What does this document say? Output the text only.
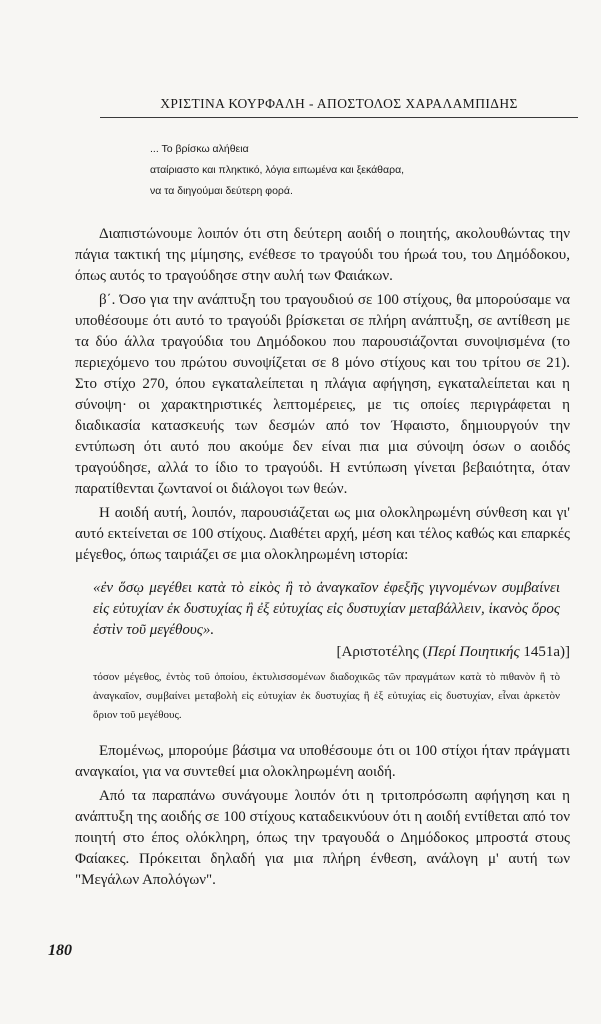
ΧΡΙΣΤΙΝΑ ΚΟΥΡΦΑΛΗ - ΑΠΟΣΤΟΛΟΣ ΧΑΡΑΛΑΜΠΙΔΗΣ
... Το βρίσκω αλήθεια
αταίριαστο και πληκτικό, λόγια ειπωμένα και ξεκάθαρα,
να τα διηγούμαι δεύτερη φορά.

Διαπιστώνουμε λοιπόν ότι στη δεύτερη αοιδή ο ποιητής, ακολουθώντας την πάγια τακτική της μίμησης, ενέθεσε το τραγούδι του ήρωά του, του Δημόδοκου, όπως αυτός το τραγούδησε στην αυλή των Φαιάκων.

β΄. Όσο για την ανάπτυξη του τραγουδιού σε 100 στίχους, θα μπορούσαμε να υποθέσουμε ότι αυτό το τραγούδι βρίσκεται σε πλήρη ανάπτυξη, σε αντίθεση με τα δύο άλλα τραγούδια του Δημόδοκου που παρουσιάζονται συνοψισμένα (το περιεχόμενο του πρώτου συνοψίζεται σε 8 μόνο στίχους και του τρίτου σε 21). Στο στίχο 270, όπου εγκαταλείπεται η πλάγια αφήγηση, εγκαταλείπεται και η σύνοψη· οι χαρακτηριστικές λεπτομέρειες, με τις οποίες περιγράφεται η διαδικασία κατασκευής των δεσμών από τον Ήφαιστο, δημιουργούν την εντύπωση ότι αυτό που ακούμε δεν είναι πια μια σύνοψη όσων ο αοιδός τραγούδησε, αλλά το ίδιο το τραγούδι. Η εντύπωση γίνεται βεβαιότητα, όταν παρατίθενται ζωντανοί οι διάλογοι των θεών.

Η αοιδή αυτή, λοιπόν, παρουσιάζεται ως μια ολοκληρωμένη σύνθεση και γι' αυτό εκτείνεται σε 100 στίχους. Διαθέτει αρχή, μέση και τέλος καθώς και επαρκές μέγεθος, όπως ταιριάζει σε μια ολοκληρωμένη ιστορία:

«ἐν ὅσῳ μεγέθει κατὰ τὸ εἰκὸς ἢ τὸ ἀναγκαῖον ἐφεξῆς γιγνομένων συμβαίνει εἰς εὐτυχίαν ἐκ δυστυχίας ἢ ἐξ εὐτυχίας εἰς δυστυχίαν μεταβάλλειν, ἱκανὸς ὅρος ἐστὶν τοῦ μεγέθους».
[Αριστοτέλης (Περί Ποιητικής 1451a)]
τόσον μέγεθος, ἐντὸς τοῦ ὁποίου, ἐκτυλισσομένων διαδοχικῶς τῶν πραγμάτων κατὰ τὸ πιθανὸν ἢ τὸ ἀναγκαῖον, συμβαίνει μεταβολὴ εἰς εὐτυχίαν ἐκ δυστυχίας ἢ ἐξ εὐτυχίας εἰς δυστυχίαν, εἶναι ἀρκετὸν ὅριον τοῦ μεγέθους.

Επομένως, μπορούμε βάσιμα να υποθέσουμε ότι οι 100 στίχοι ήταν πράγματι αναγκαίοι, για να συντεθεί μια ολοκληρωμένη αοιδή.

Από τα παραπάνω συνάγουμε λοιπόν ότι η τριτοπρόσωπη αφήγηση και η ανάπτυξη της αοιδής σε 100 στίχους καταδεικνύουν ότι η αοιδή εντίθεται από τον ποιητή στο έπος ολόκληρη, όπως την τραγουδά ο Δημόδοκος μπροστά στους Φαίακες. Πρόκειται δηλαδή για μια πλήρη ένθεση, ανάλογη μ' αυτή των "Μεγάλων Απολόγων".

180
